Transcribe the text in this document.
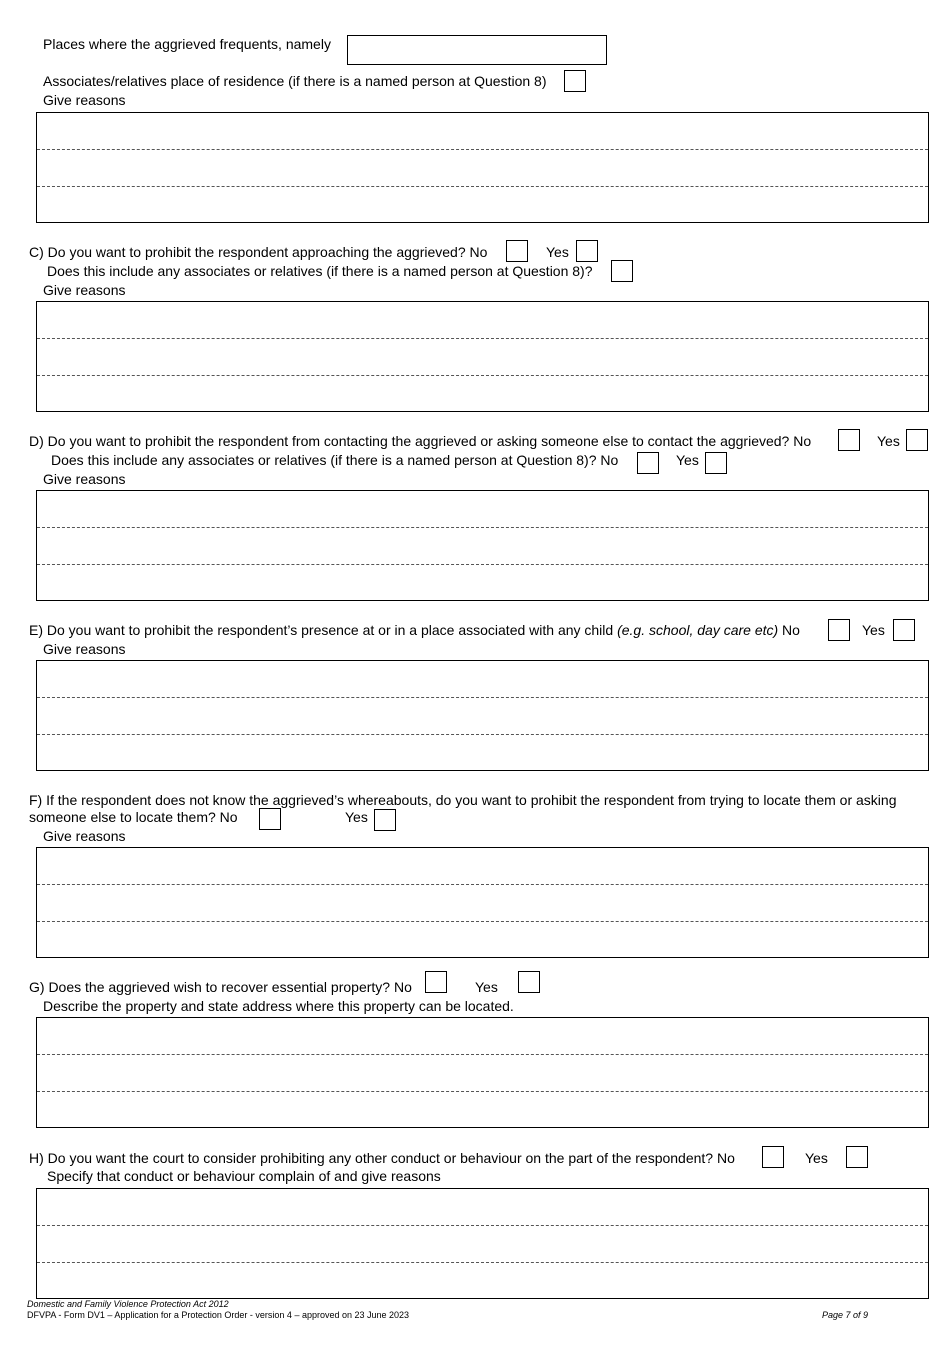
Places where the aggrieved frequents, namely
Associates/relatives place of residence (if there is a named person at Question 8)
Give reasons
C) Do you want to prohibit the respondent approaching the aggrieved? No	Yes
Does this include any associates or relatives (if there is a named person at Question 8)?
Give reasons
D) Do you want to prohibit the respondent from contacting the aggrieved or asking someone else to contact the aggrieved? No	Yes
Does this include any associates or relatives (if there is a named person at Question 8)? No	Yes
Give reasons
E) Do you want to prohibit the respondent’s presence at or in a place associated with any child (e.g. school, day care etc) No	Yes
Give reasons
F) If the respondent does not know the aggrieved’s whereabouts, do you want to prohibit the respondent from trying to locate them or asking
someone else to locate them? No	Yes
Give reasons
G) Does the aggrieved wish to recover essential property? No	Yes
Describe the property and state address where this property can be located.
H) Do you want the court to consider prohibiting any other conduct or behaviour on the part of the respondent? No	Yes
Specify that conduct or behaviour complain of and give reasons
Domestic and Family Violence Protection Act 2012
DFVPA - Form DV1 – Application for a Protection Order - version 4 – approved on 23 June 2023	Page 7 of 9
